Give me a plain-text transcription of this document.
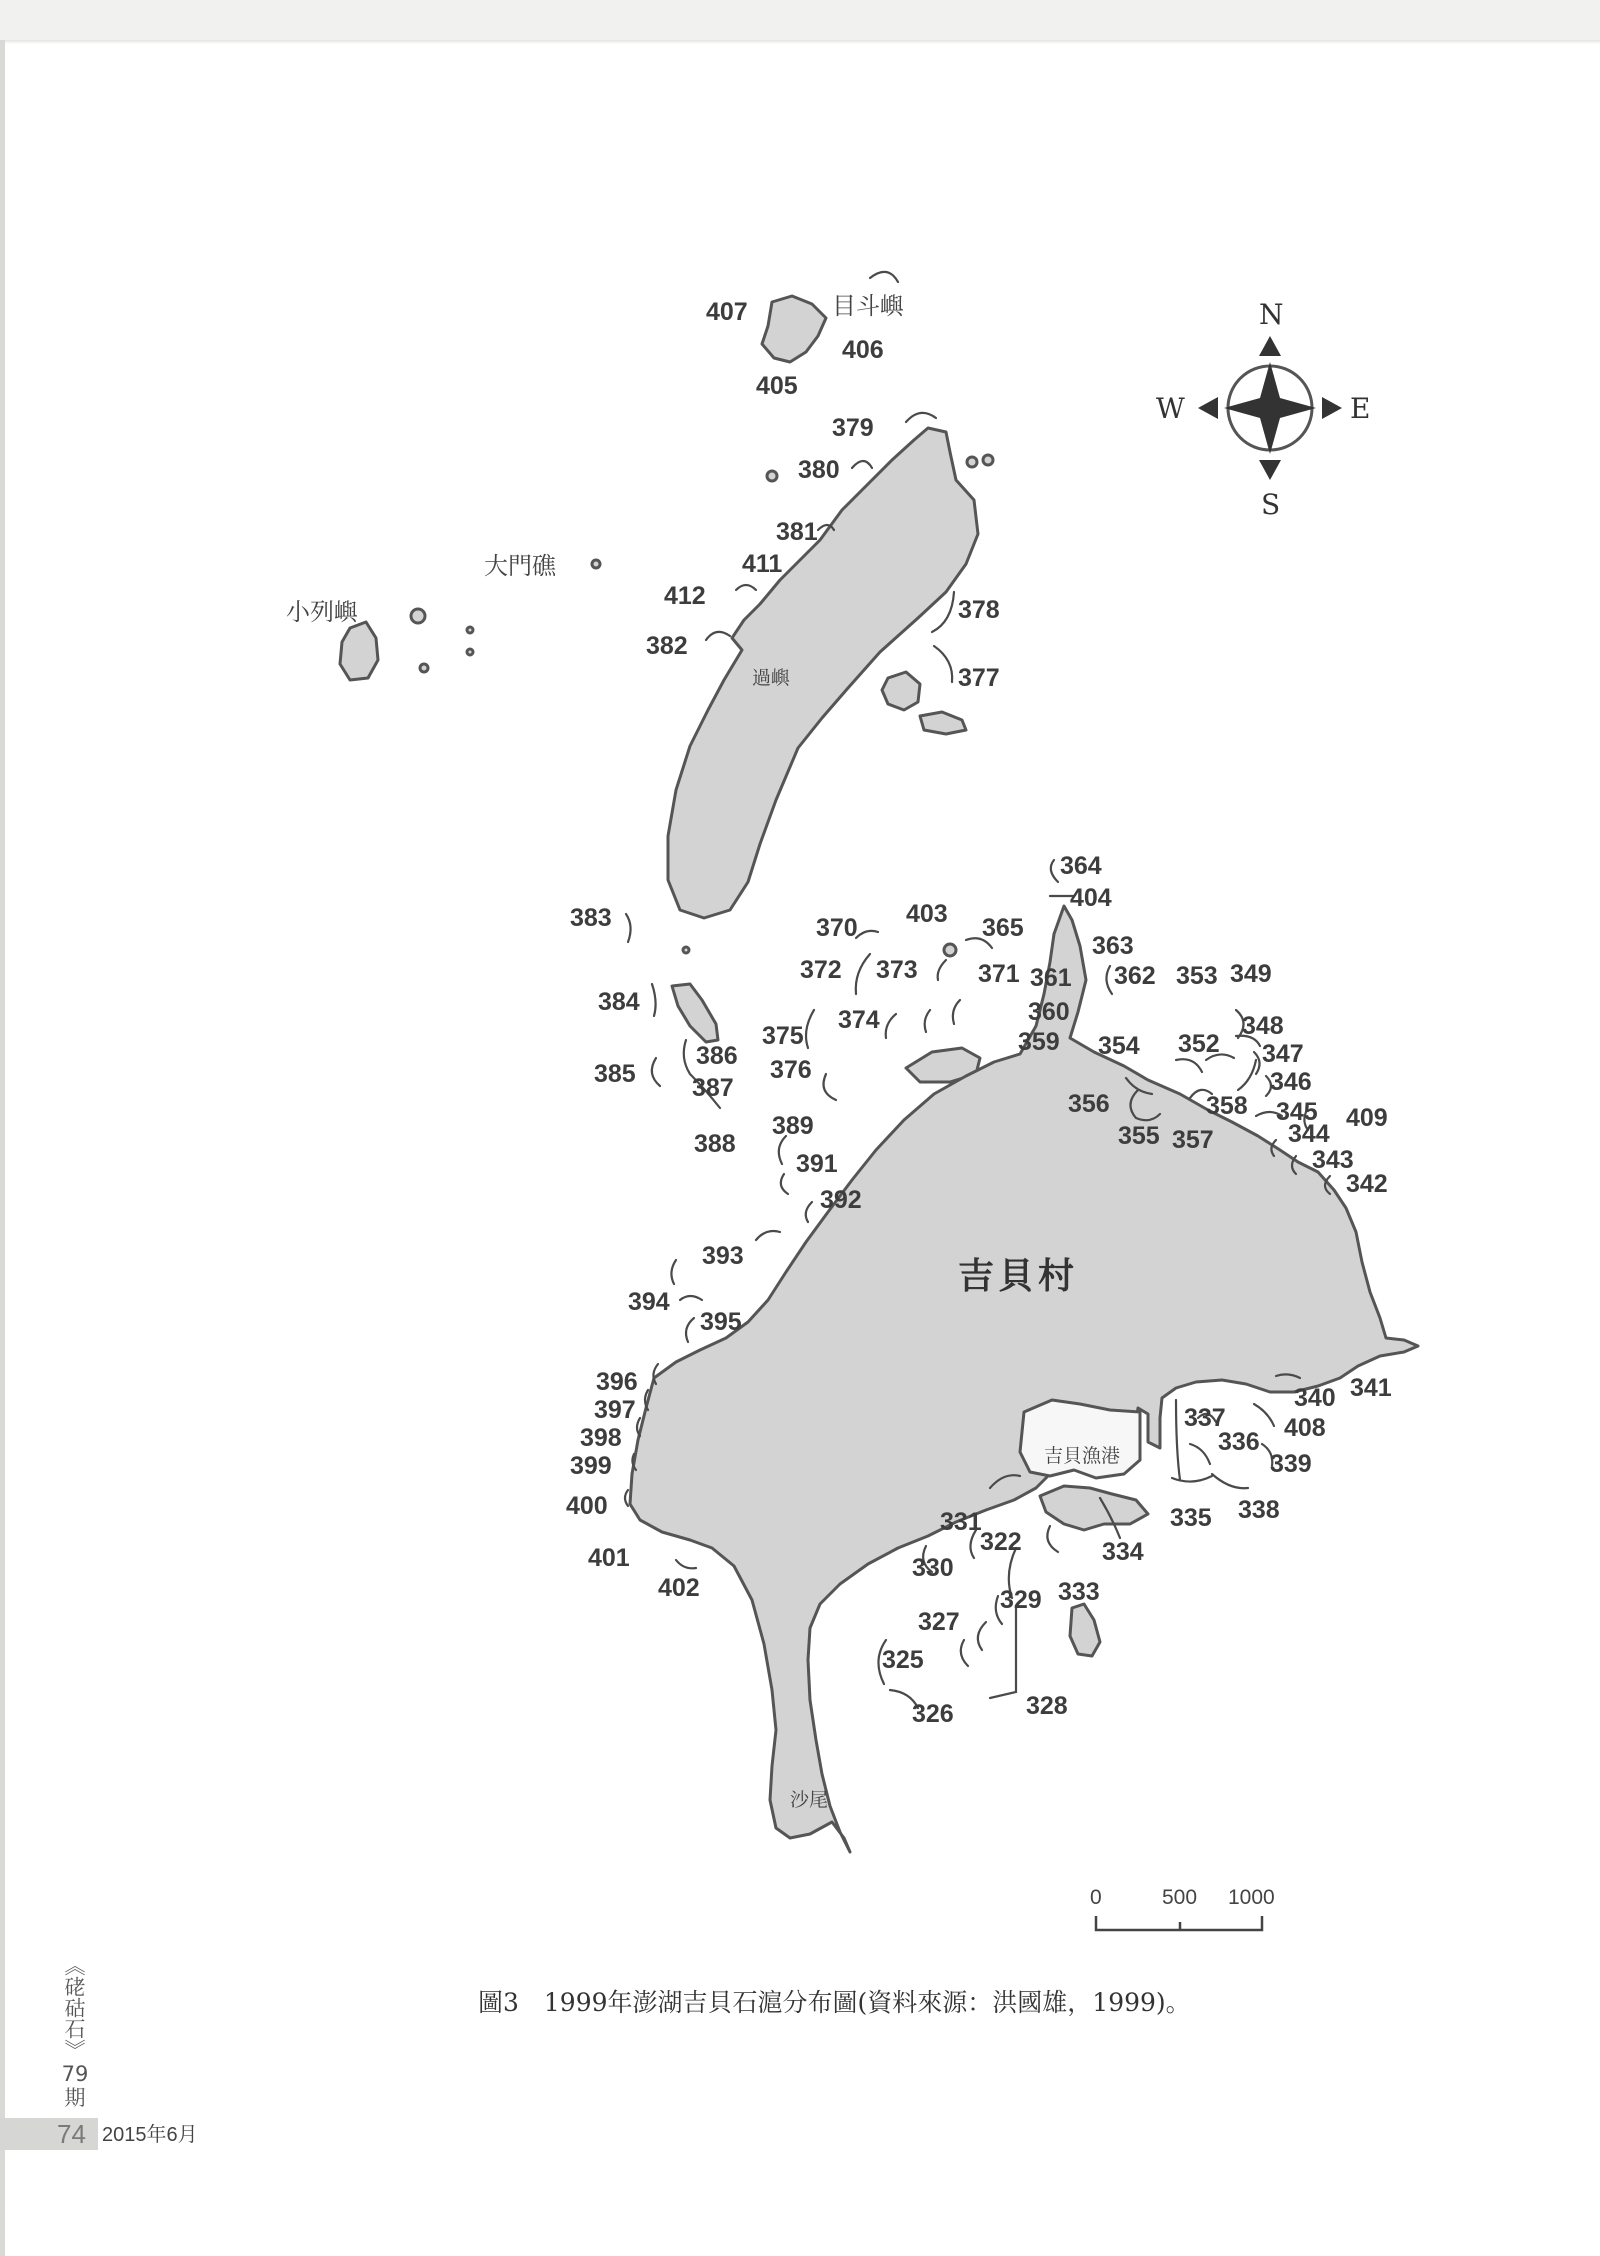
目斗嶼
大門礁
小列嶼
過嶼
吉貝村
吉貝漁港
沙尾
407
406
405
379
380
381
411
412
382
378
377
364
404
383	370 403 365
363
372 373 371 361 362 353 349
384
375
374	360
359 354 352
348
347
346
386 376
356	358 345 409
385 387
355 357	344
343
389
388
391
342
392
393
394
395
396
397
398
399
400
401
402
340 341
337
336 408
339
331
322
335 338
334
330
329 333
327
325
328
326
N
S
E
W
0	500 1000
圖3　1999年澎湖吉貝石滬分布圖(資料來源：洪國雄，1999)。
《硓𥑮石》
79期
74 2015年6月
